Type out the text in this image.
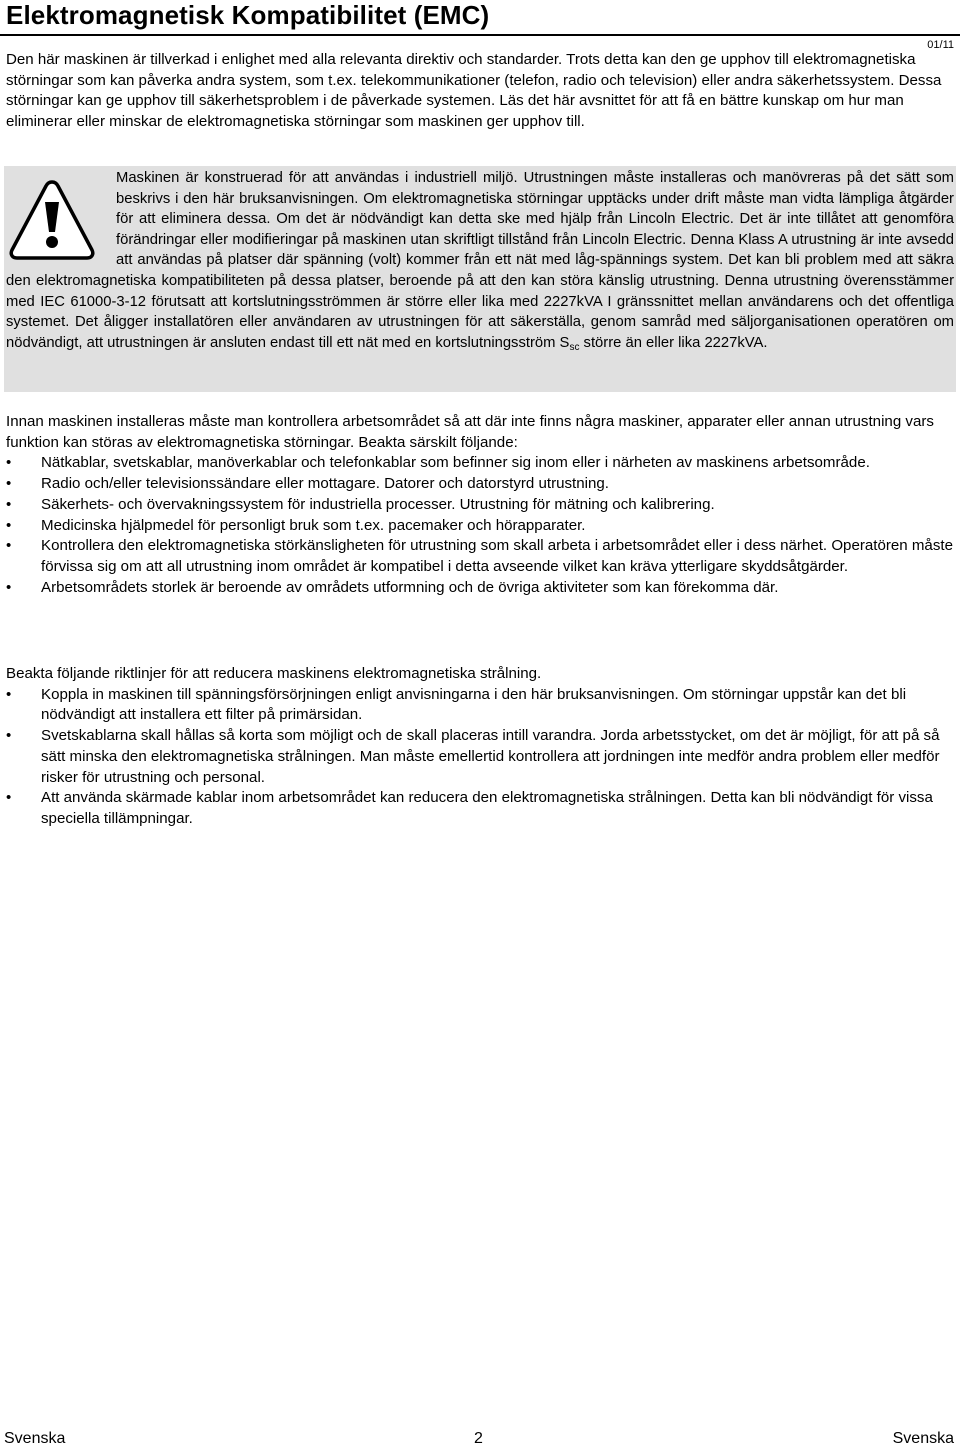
Elektromagnetisk Kompatibilitet (EMC)
01/11
Den här maskinen är tillverkad i enlighet med alla relevanta direktiv och standarder. Trots detta kan den ge upphov till elektromagnetiska störningar som kan påverka andra system, som t.ex. telekommunikationer (telefon, radio och television) eller andra säkerhetssystem. Dessa störningar kan ge upphov till säkerhetsproblem i de påverkade systemen. Läs det här avsnittet för att få en bättre kunskap om hur man eliminerar eller minskar de elektromagnetiska störningar som maskinen ger upphov till.
Maskinen är konstruerad för att användas i industriell miljö. Utrustningen måste installeras och manövreras på det sätt som beskrivs i den här bruksanvisningen. Om elektromagnetiska störningar upptäcks under drift måste man vidta lämpliga åtgärder för att eliminera dessa. Om det är nödvändigt kan detta ske med hjälp från Lincoln Electric. Det är inte tillåtet att genomföra förändringar eller modifieringar på maskinen utan skriftligt tillstånd från Lincoln Electric. Denna Klass A utrustning är inte avsedd att användas på platser där spänning (volt) kommer från ett nät med låg-spännings system. Det kan bli problem med att säkra den elektromagnetiska kompatibiliteten på dessa platser, beroende på att den kan störa känslig utrustning. Denna utrustning överensstämmer med IEC 61000-3-12 förutsatt att kortslutningsströmmen är större eller lika med 2227kVA I gränssnittet mellan användarens och det offentliga systemet. Det åligger installatören eller användaren av utrustningen för att säkerställa, genom samråd med säljorganisationen operatören om nödvändigt, att utrustningen är ansluten endast till ett nät med en kortslutningsström $S_{sc}$ större än eller lika 2227kVA.
Innan maskinen installeras måste man kontrollera arbetsområdet så att där inte finns några maskiner, apparater eller annan utrustning vars funktion kan störas av elektromagnetiska störningar. Beakta särskilt följande:
• Nätkablar, svetskablar, manöverkablar och telefonkablar som befinner sig inom eller i närheten av maskinens arbetsområde.
• Radio och/eller televisionssändare eller mottagare. Datorer och datorstyrd utrustning.
• Säkerhets- och övervakningssystem för industriella processer. Utrustning för mätning och kalibrering.
• Medicinska hjälpmedel för personligt bruk som t.ex. pacemaker och hörapparater.
• Kontrollera den elektromagnetiska störkänsligheten för utrustning som skall arbeta i arbetsområdet eller i dess närhet. Operatören måste förvissa sig om att all utrustning inom området är kompatibel i detta avseende vilket kan kräva ytterligare skyddsåtgärder.
• Arbetsområdets storlek är beroende av områdets utformning och de övriga aktiviteter som kan förekomma där.
Beakta följande riktlinjer för att reducera maskinens elektromagnetiska strålning.
• Koppla in maskinen till spänningsförsörjningen enligt anvisningarna i den här bruksanvisningen. Om störningar uppstår kan det bli nödvändigt att installera ett filter på primärsidan.
• Svetskablarna skall hållas så korta som möjligt och de skall placeras intill varandra. Jorda arbetsstycket, om det är möjligt, för att på så sätt minska den elektromagnetiska strålningen. Man måste emellertid kontrollera att jordningen inte medför andra problem eller medför risker för utrustning och personal.
• Att använda skärmade kablar inom arbetsområdet kan reducera den elektromagnetiska strålningen. Detta kan bli nödvändigt för vissa speciella tillämpningar.
Svenska	2	Svenska
